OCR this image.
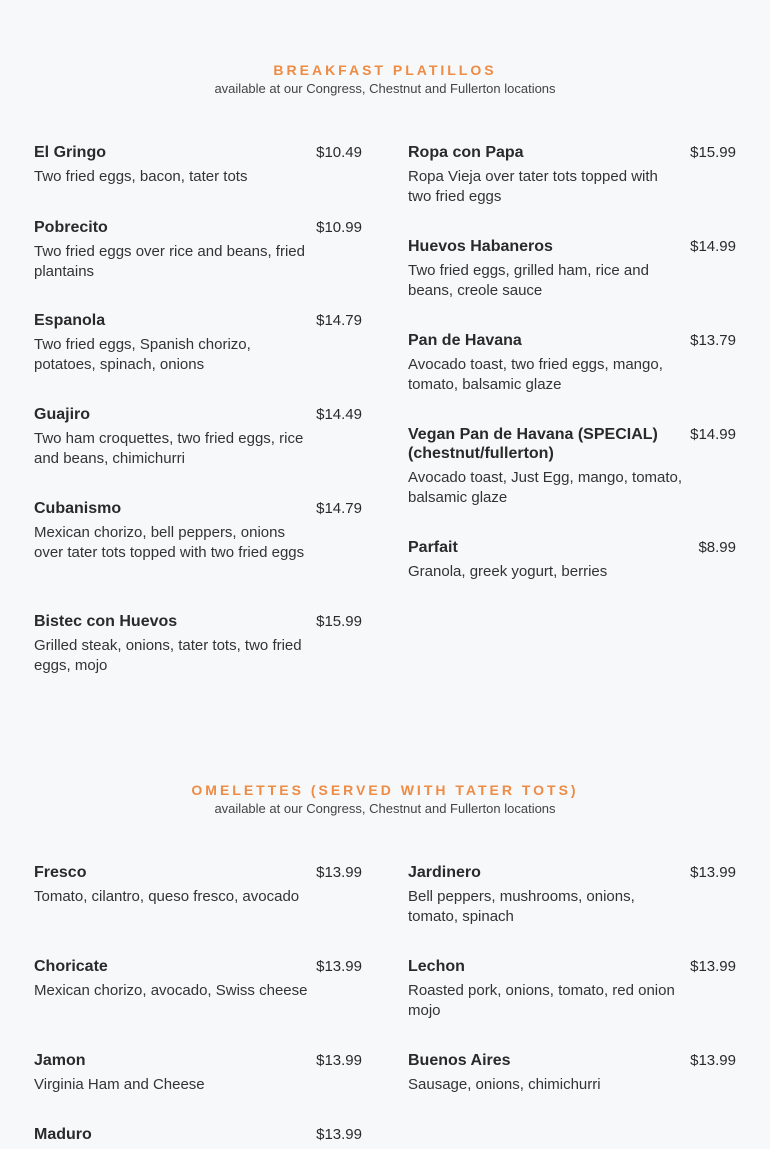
BREAKFAST PLATILLOS
available at our Congress, Chestnut and Fullerton locations
El Gringo	$10.49
Two fried eggs, bacon, tater tots
Pobrecito	$10.99
Two fried eggs over rice and beans, fried plantains
Espanola	$14.79
Two fried eggs, Spanish chorizo, potatoes, spinach, onions
Guajiro	$14.49
Two ham croquettes, two fried eggs, rice and beans, chimichurri
Cubanismo	$14.79
Mexican chorizo, bell peppers, onions over tater tots topped with two fried eggs
Bistec con Huevos	$15.99
Grilled steak, onions, tater tots, two fried eggs, mojo
Ropa con Papa	$15.99
Ropa Vieja over tater tots topped with two fried eggs
Huevos Habaneros	$14.99
Two fried eggs, grilled ham, rice and beans, creole sauce
Pan de Havana	$13.79
Avocado toast, two fried eggs, mango, tomato, balsamic glaze
Vegan Pan de Havana (SPECIAL) (chestnut/fullerton)
$14.99
Avocado toast, Just Egg, mango, tomato, balsamic glaze
Parfait	$8.99
Granola, greek yogurt, berries
OMELETTES (SERVED WITH TATER TOTS)
available at our Congress, Chestnut and Fullerton locations
Fresco	$13.99
Tomato, cilantro, queso fresco, avocado
Choricate	$13.99
Mexican chorizo, avocado, Swiss cheese
Jamon	$13.99
Virginia Ham and Cheese
Maduro	$13.99
Jardinero	$13.99
Bell peppers, mushrooms, onions, tomato, spinach
Lechon	$13.99
Roasted pork, onions, tomato, red onion mojo
Buenos Aires	$13.99
Sausage, onions, chimichurri
